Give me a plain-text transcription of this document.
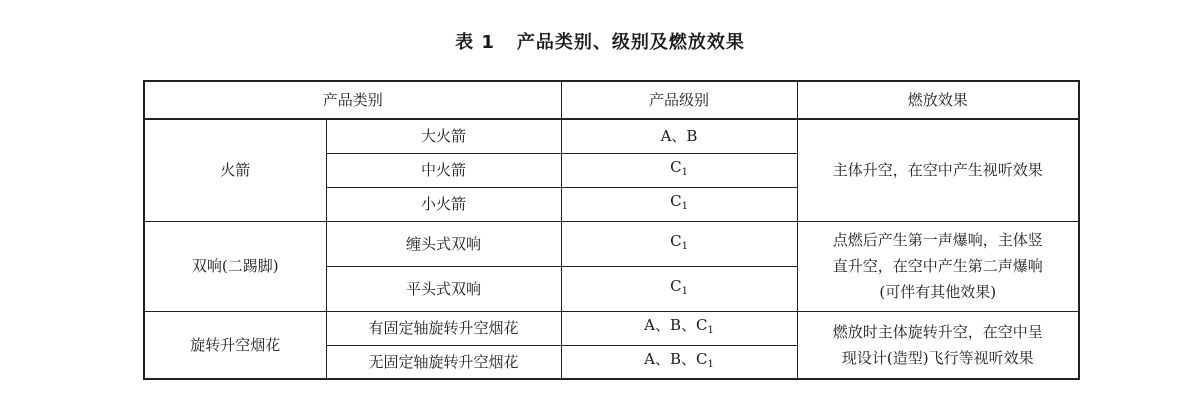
表 1 产品类别、级别及燃放效果
产品类别		产品级别	燃放效果
火箭	大火箭	A、B	主体升空，在空中产生视听效果
	中火箭	$C_1$
	小火箭	$C_1$
双响(二踢脚)	缠头式双响	$C_1$	点燃后产生第一声爆响，主体竖
直升空，在空中产生第二声爆响
(可伴有其他效果)

	平头式双响	$C_1$
旋转升空烟花	有固定轴旋转升空烟花	A、B、$C_1$	燃放时主体旋转升空，在空中呈
现设计(造型)飞行等视听效果

	无固定轴旋转升空烟花	A、B、$C_1$
